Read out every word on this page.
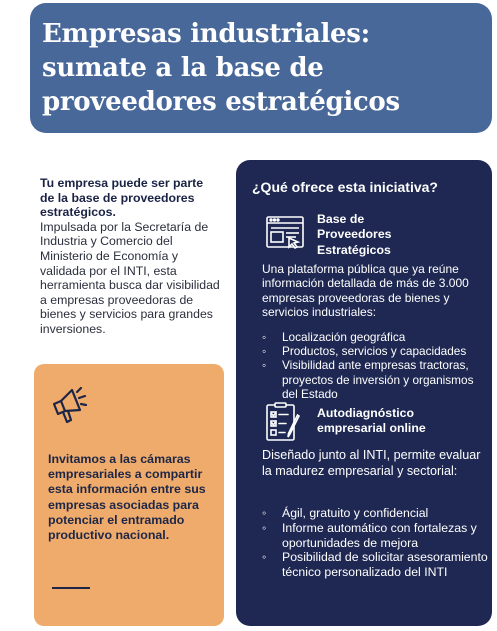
Empresas industriales:
sumate a la base de
proveedores estratégicos
Tu empresa puede ser parte de la base de proveedores estratégicos.
Impulsada por la Secretaría de Industria y Comercio del Ministerio de Economía y validada por el INTI, esta herramienta busca dar visibilidad a empresas proveedoras de bienes y servicios para grandes inversiones.
Invitamos a las cámaras empresariales a compartir esta información entre sus empresas asociadas para potenciar el entramado productivo nacional.
¿Qué ofrece esta iniciativa?
Base de Proveedores Estratégicos
Una plataforma pública que ya reúne información detallada de más de 3.000 empresas proveedoras de bienes y servicios industriales:
◦ Localización geográfica
◦ Productos, servicios y capacidades
◦ Visibilidad ante empresas tractoras, proyectos de inversión y organismos del Estado
Autodiagnóstico empresarial online
Diseñado junto al INTI, permite evaluar la madurez empresarial y sectorial:
◦ Ágil, gratuito y confidencial
◦ Informe automático con fortalezas y oportunidades de mejora
◦ Posibilidad de solicitar asesoramiento técnico personalizado del INTI
